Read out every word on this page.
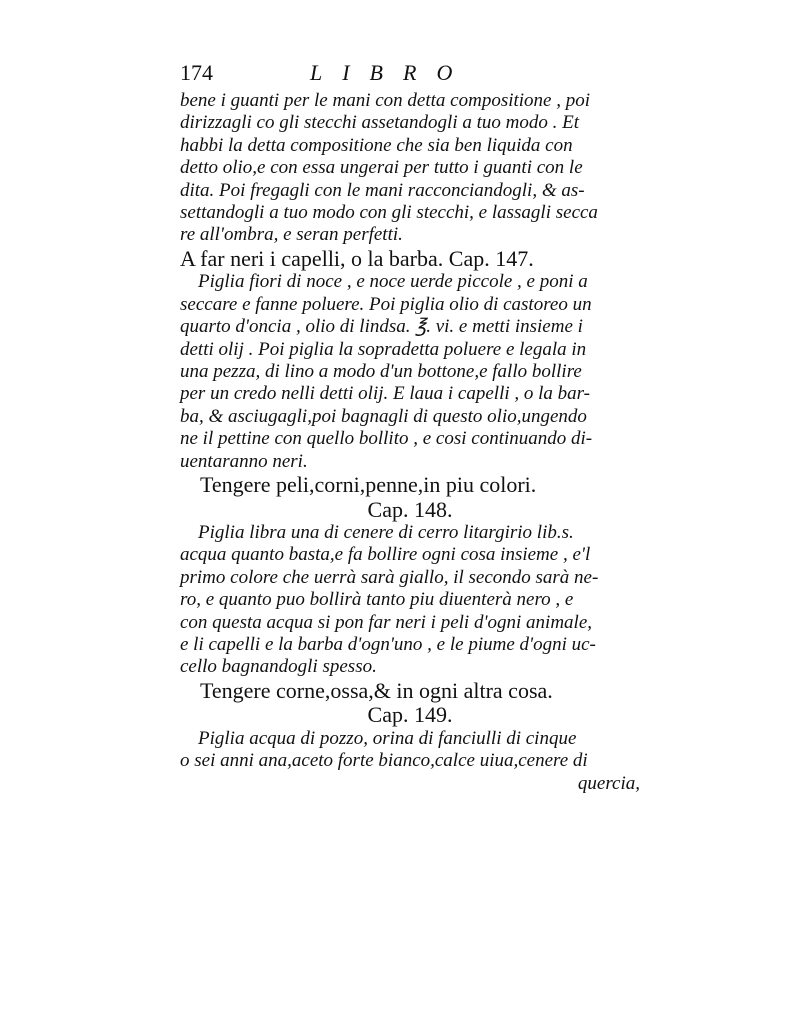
174	LIBRO
bene i guanti per le mani con detta compositione , poi
dirizzagli co gli stecchi assetandogli a tuo modo . Et
habbi la detta compositione che sia ben liquida con
detto olio,e con essa ungerai per tutto i guanti con le
dita. Poi fregagli con le mani racconciandogli, & as-
settandogli a tuo modo con gli stecchi, e lassagli secca
re all'ombra, e seran perfetti.
A far neri i capelli, o la barba. Cap. 147.
Piglia fiori di noce , e noce uerde piccole , e poni a
seccare e fanne poluere. Poi piglia olio di castoreo un
quarto d'oncia , olio di lindsa. ℥. vi. e metti insieme i
detti olij . Poi piglia la sopradetta poluere e legala in
una pezza, di lino a modo d'un bottone,e fallo bollire
per un credo nelli detti olij. E laua i capelli , o la bar-
ba, & asciugagli,poi bagnagli di questo olio,ungendo
ne il pettine con quello bollito , e cosi continuando di-
uentaranno neri.
Tengere peli,corni,penne,in piu colori.
Cap. 148.
Piglia libra una di cenere di cerro litargirio lib.s.
acqua quanto basta,e fa bollire ogni cosa insieme , e'l
primo colore che uerrà sarà giallo, il secondo sarà ne-
ro, e quanto puo bollirà tanto piu diuenterà nero , e
con questa acqua si pon far neri i peli d'ogni animale,
e li capelli e la barba d'ogn'uno , e le piume d'ogni uc-
cello bagnandogli spesso.
Tengere corne,ossa,& in ogni altra cosa.
Cap. 149.
Piglia acqua di pozzo, orina di fanciulli di cinque
o sei anni ana,aceto forte bianco,calce uiua,cenere di
quercia,
